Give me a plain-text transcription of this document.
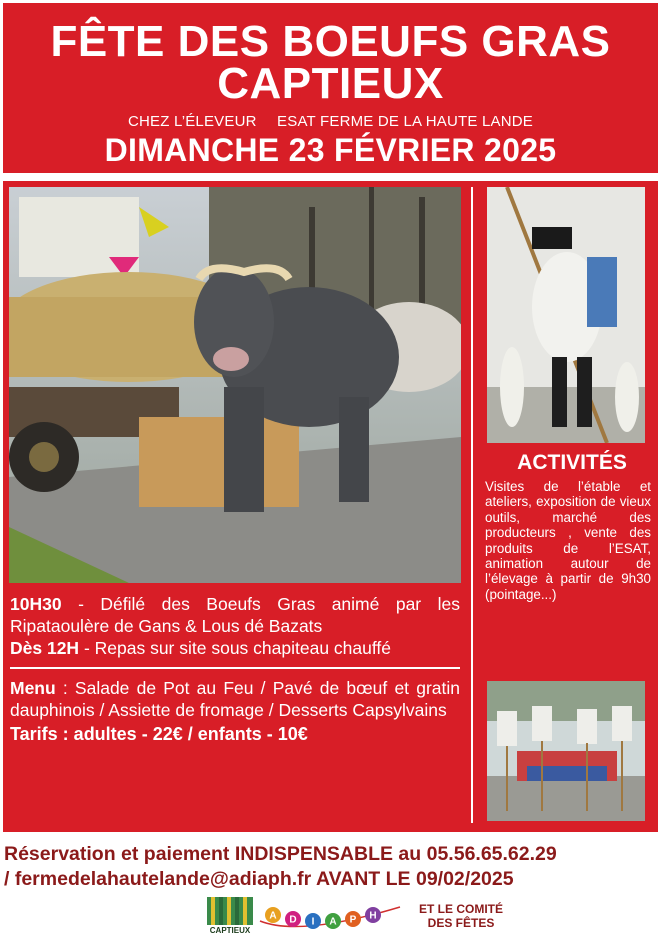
FÊTE DES BOEUFS GRAS
CAPTIEUX
CHEZ L’ÉLEVEUR ESAT FERME DE LA HAUTE LANDE
DIMANCHE 23 FÉVRIER 2025
ACTIVITÉS
Visites de l’étable et ateliers, exposition de vieux outils, marché des producteurs , vente des produits de l’ESAT, animation autour de l’élevage à partir de 9h30 (pointage...)

10H30 - Défilé des Boeufs Gras animé par les Ripataoulère de Gans & Lous dé Bazats

Dès 12H - Repas sur site sous chapiteau chauffé

Menu : Salade de Pot au Feu / Pavé de bœuf et gratin dauphinois / Assiette de fromage / Desserts Capsylvains

Tarifs : adultes - 22€ / enfants - 10€

Réservation et paiement INDISPENSABLE au 05.56.65.62.29
/ fermedelahautelande@adiaph.fr AVANT LE 09/02/2025
CAPTIEUX
A D I A P H	ET LE COMITÉ DES FÊTES
